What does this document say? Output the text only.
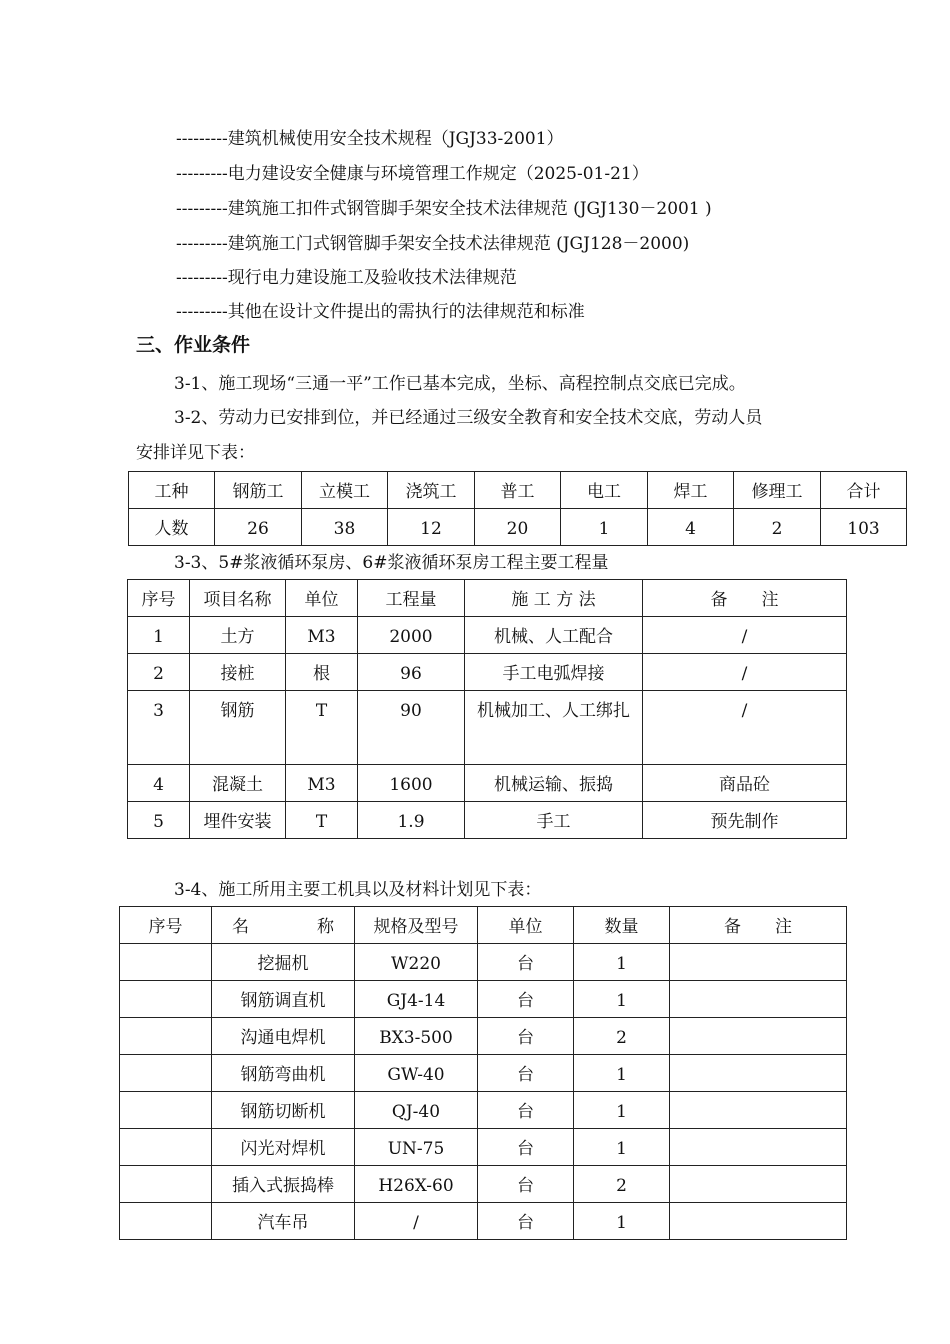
---------建筑机械使用安全技术规程（JGJ33-2001）
---------电力建设安全健康与环境管理工作规定（2025-01-21）
---------建筑施工扣件式钢管脚手架安全技术法律规范 (JGJ130－2001 )
---------建筑施工门式钢管脚手架安全技术法律规范 (JGJ128－2000)
---------现行电力建设施工及验收技术法律规范
---------其他在设计文件提出的需执行的法律规范和标准
三、作业条件
3-1、施工现场“三通一平”工作已基本完成，坐标、高程控制点交底已完成。
3-2、劳动力已安排到位，并已经通过三级安全教育和安全技术交底，劳动人员
安排详见下表：
工种	钢筋工	立模工	浇筑工	普工	电工	焊工	修理工	合计
人数	26	38	12	20	1	4	2	103
3-3、5#浆液循环泵房、6#浆液循环泵房工程主要工程量
序号	项目名称	单位	工程量	施 工 方 法	备　　注
1	土方	M3	2000	机械、人工配合	/
2	接桩	根	96	手工电弧焊接	/
3	钢筋	T	90	机械加工、人工绑扎	/
4	混凝土	M3	1600	机械运输、振捣	商品砼
5	埋件安装	T	1.9	手工	预先制作
3-4、施工所用主要工机具以及材料计划见下表：
序号	名　　　　称	规格及型号	单位	数量	备　　注
	挖掘机	W220	台	1	
	钢筋调直机	GJ4-14	台	1	
	沟通电焊机	BX3-500	台	2	
	钢筋弯曲机	GW-40	台	1	
	钢筋切断机	QJ-40	台	1	
	闪光对焊机	UN-75	台	1	
	插入式振捣棒	H26X-60	台	2	
	汽车吊	/	台	1	
